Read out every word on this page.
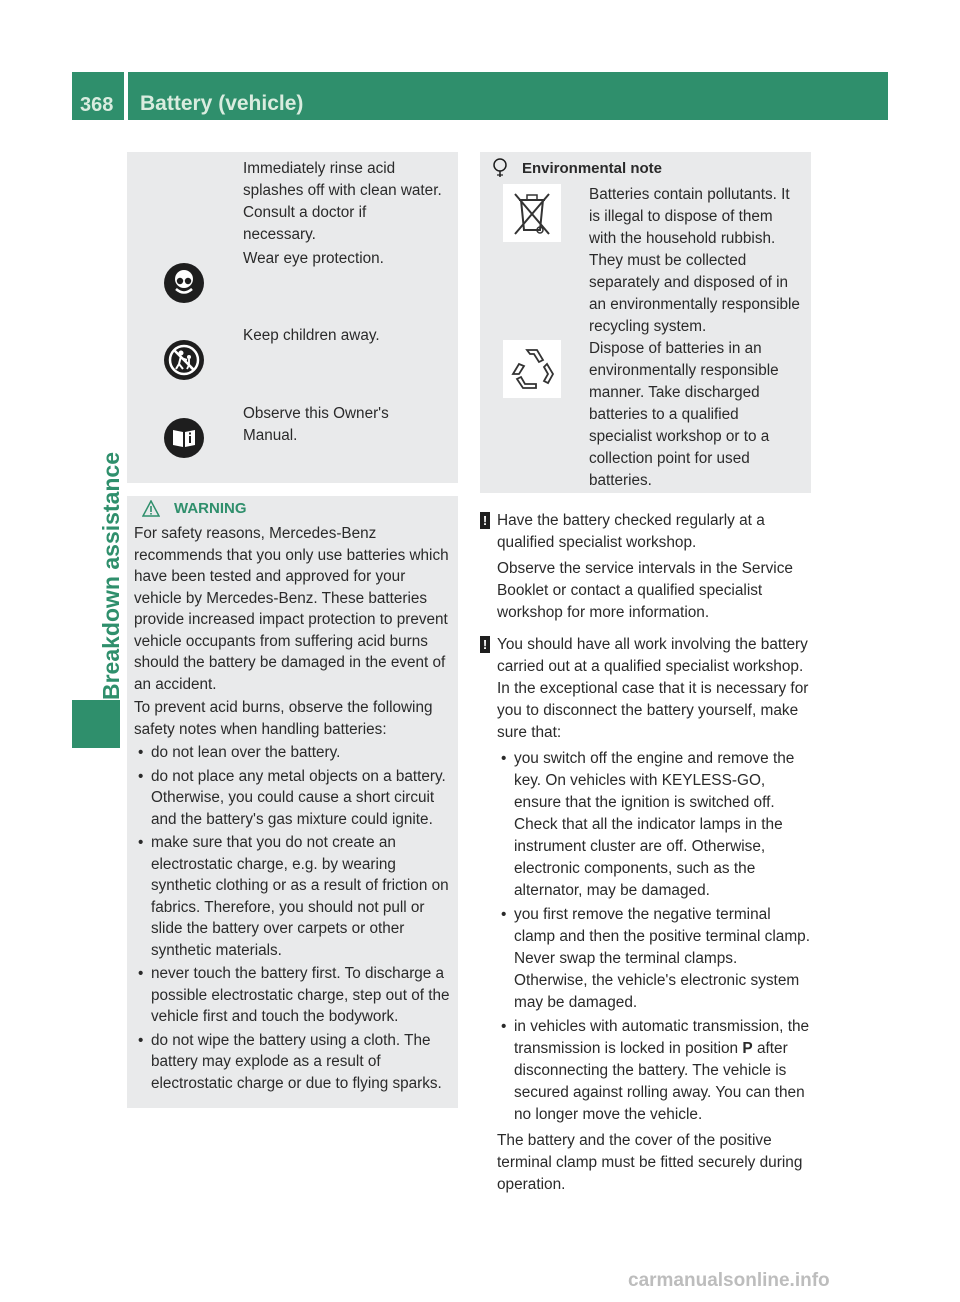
368 Battery (vehicle)
Breakdown assistance
Immediately rinse acid splashes off with clean water. Consult a doctor if necessary.
Wear eye protection.
Keep children away.
Observe this Owner's Manual.
WARNING

For safety reasons, Mercedes-Benz recommends that you only use batteries which have been tested and approved for your vehicle by Mercedes-Benz. These batteries provide increased impact protection to prevent vehicle occupants from suffering acid burns should the battery be damaged in the event of an accident.

To prevent acid burns, observe the following safety notes when handling batteries:

• do not lean over the battery.
• do not place any metal objects on a battery. Otherwise, you could cause a short circuit and the battery's gas mixture could ignite.
• make sure that you do not create an electrostatic charge, e.g. by wearing synthetic clothing or as a result of friction on fabrics. Therefore, you should not pull or slide the battery over carpets or other synthetic materials.
• never touch the battery first. To discharge a possible electrostatic charge, step out of the vehicle first and touch the bodywork.
• do not wipe the battery using a cloth. The battery may explode as a result of electrostatic charge or due to flying sparks.
Environmental note
Batteries contain pollutants. It is illegal to dispose of them with the household rubbish. They must be collected separately and disposed of in an environmentally responsible recycling system.
Dispose of batteries in an environmentally responsible manner. Take discharged batteries to a qualified specialist workshop or to a collection point for used batteries.
! Have the battery checked regularly at a qualified specialist workshop.

Observe the service intervals in the Service Booklet or contact a qualified specialist workshop for more information.

! You should have all work involving the battery carried out at a qualified specialist workshop. In the exceptional case that it is necessary for you to disconnect the battery yourself, make sure that:

• you switch off the engine and remove the key. On vehicles with KEYLESS-GO, ensure that the ignition is switched off. Check that all the indicator lamps in the instrument cluster are off. Otherwise, electronic components, such as the alternator, may be damaged.
• you first remove the negative terminal clamp and then the positive terminal clamp. Never swap the terminal clamps. Otherwise, the vehicle's electronic system may be damaged.
• in vehicles with automatic transmission, the transmission is locked in position P after disconnecting the battery. The vehicle is secured against rolling away. You can then no longer move the vehicle.
The battery and the cover of the positive terminal clamp must be fitted securely during operation.
carmanualsonline.info
